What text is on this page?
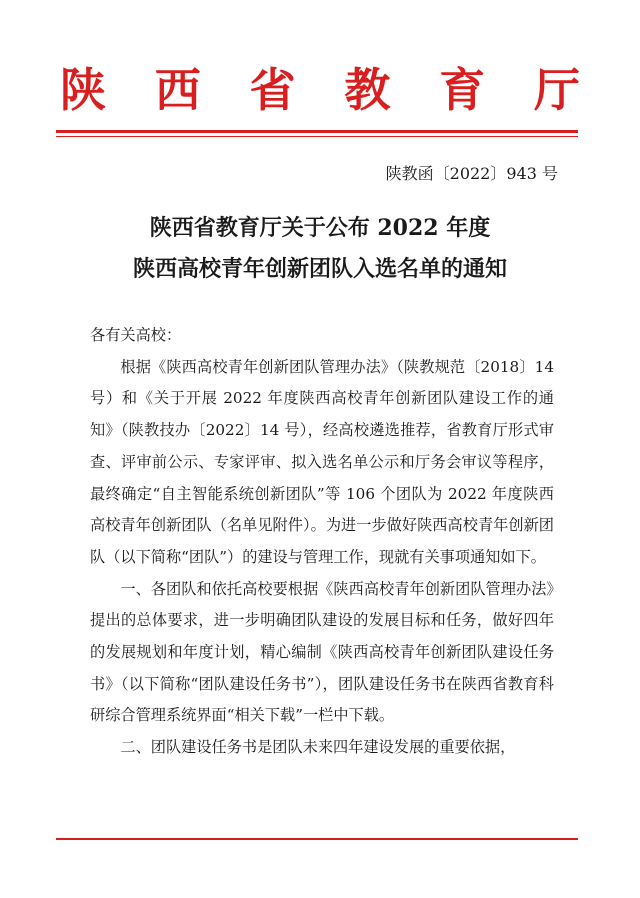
陕 西 省 教 育 厅
陕教函〔2022〕943 号
陕西省教育厅关于公布 2022 年度
陕西高校青年创新团队入选名单的通知

各有关高校：

根据《陕西高校青年创新团队管理办法》（陕教规范〔2018〕14 号）和《关于开展 2022 年度陕西高校青年创新团队建设工作的通知》（陕教技办〔2022〕14 号），经高校遴选推荐，省教育厅形式审查、评审前公示、专家评审、拟入选名单公示和厅务会审议等程序，最终确定“自主智能系统创新团队”等 106 个团队为 2022 年度陕西高校青年创新团队（名单见附件）。为进一步做好陕西高校青年创新团队（以下简称“团队”）的建设与管理工作，现就有关事项通知如下。

一、各团队和依托高校要根据《陕西高校青年创新团队管理办法》提出的总体要求，进一步明确团队建设的发展目标和任务，做好四年的发展规划和年度计划，精心编制《陕西高校青年创新团队建设任务书》（以下简称“团队建设任务书”），团队建设任务书在陕西省教育科研综合管理系统界面“相关下载”一栏中下载。

二、团队建设任务书是团队未来四年建设发展的重要依据，
